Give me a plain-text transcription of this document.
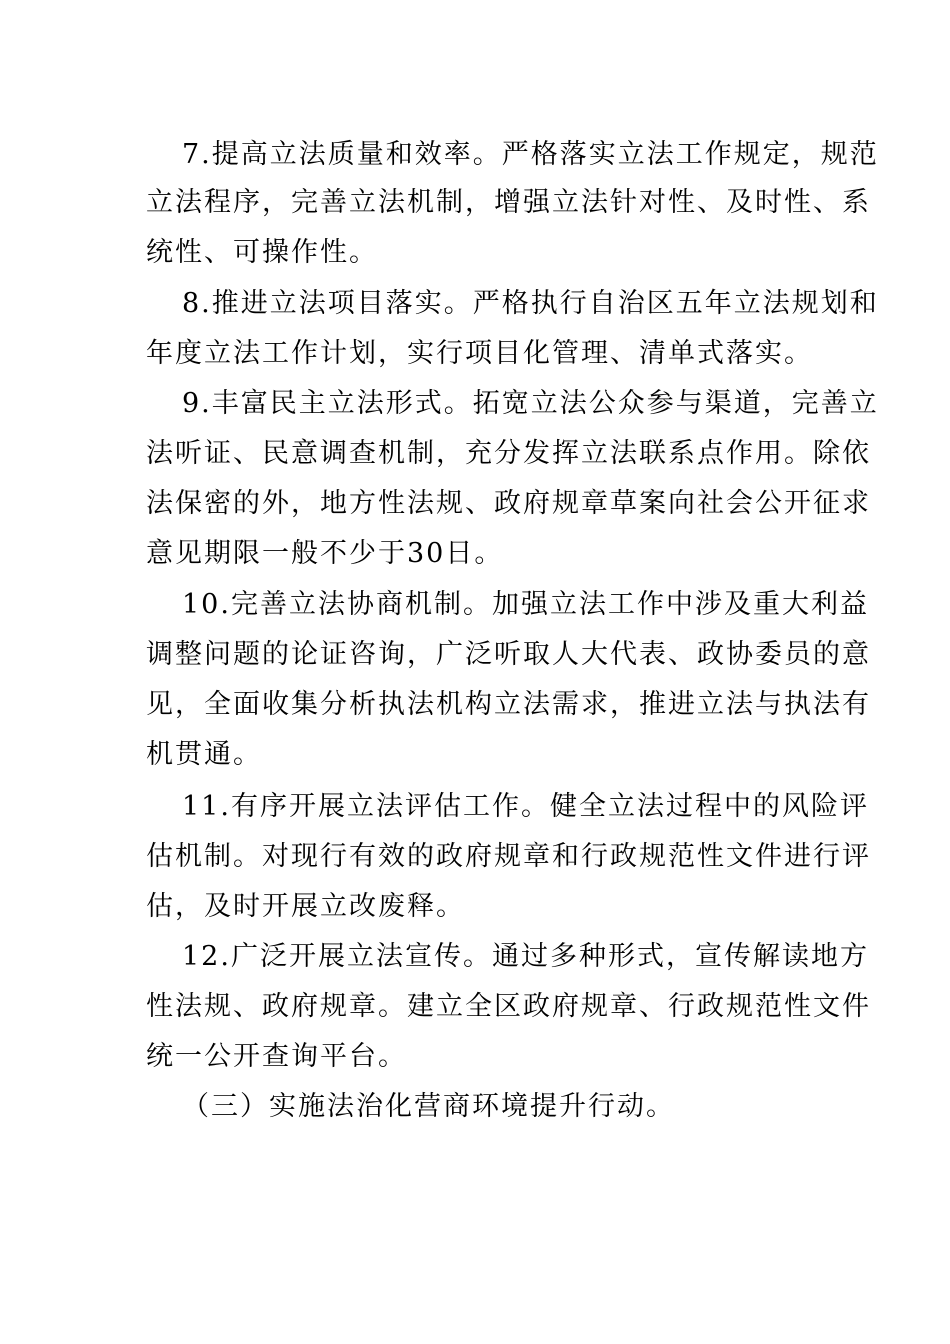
7.提高立法质量和效率。严格落实立法工作规定，规范
立法程序，完善立法机制，增强立法针对性、及时性、系
统性、可操作性。
8.推进立法项目落实。严格执行自治区五年立法规划和
年度立法工作计划，实行项目化管理、清单式落实。
9.丰富民主立法形式。拓宽立法公众参与渠道，完善立
法听证、民意调查机制，充分发挥立法联系点作用。除依
法保密的外，地方性法规、政府规章草案向社会公开征求
意见期限一般不少于30日。
10.完善立法协商机制。加强立法工作中涉及重大利益
调整问题的论证咨询，广泛听取人大代表、政协委员的意
见，全面收集分析执法机构立法需求，推进立法与执法有
机贯通。
11.有序开展立法评估工作。健全立法过程中的风险评
估机制。对现行有效的政府规章和行政规范性文件进行评
估，及时开展立改废释。
12.广泛开展立法宣传。通过多种形式，宣传解读地方
性法规、政府规章。建立全区政府规章、行政规范性文件
统一公开查询平台。
（三）实施法治化营商环境提升行动。
